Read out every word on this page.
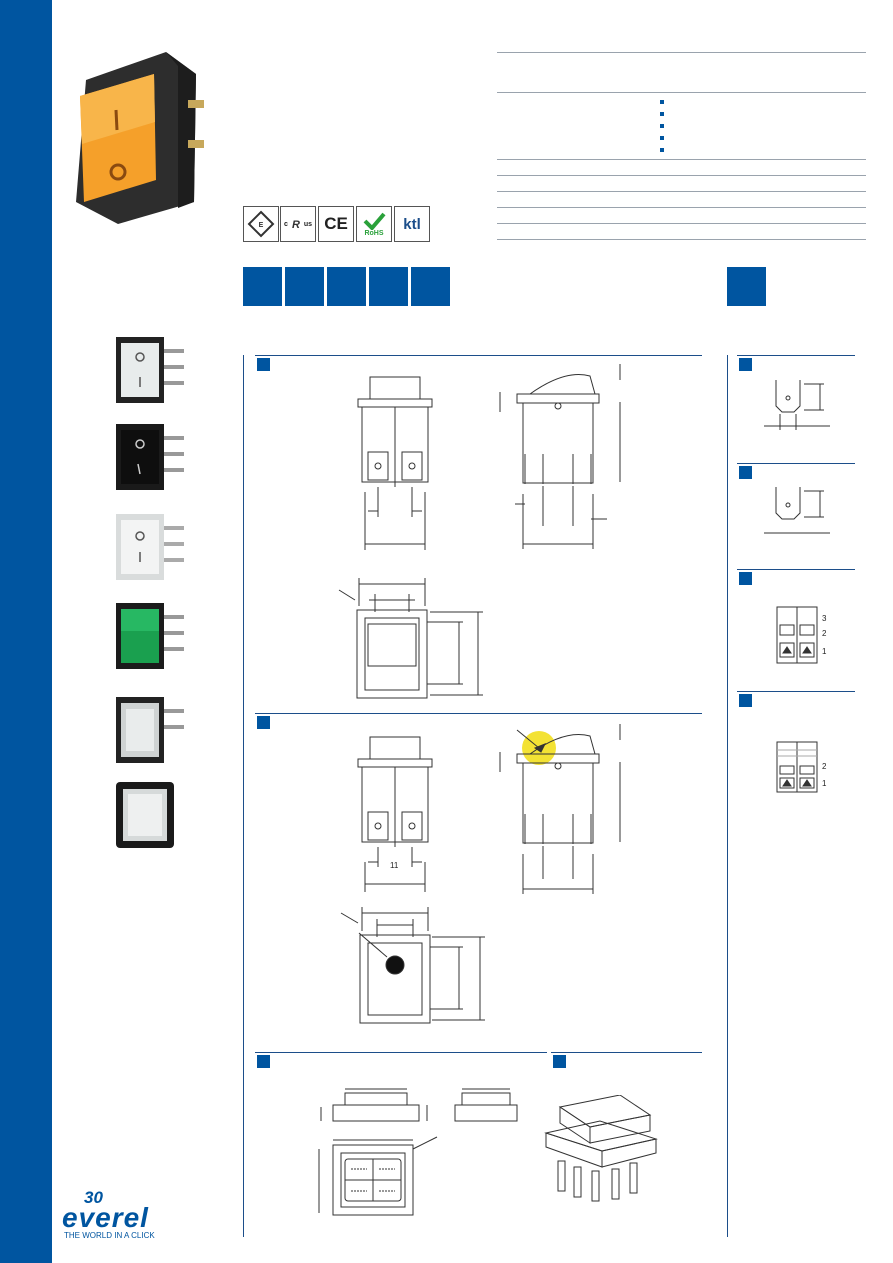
E	c R us CE RoHS
ktl
11
3
2
1
2
1
30
everel
THE WORLD IN A CLICK
